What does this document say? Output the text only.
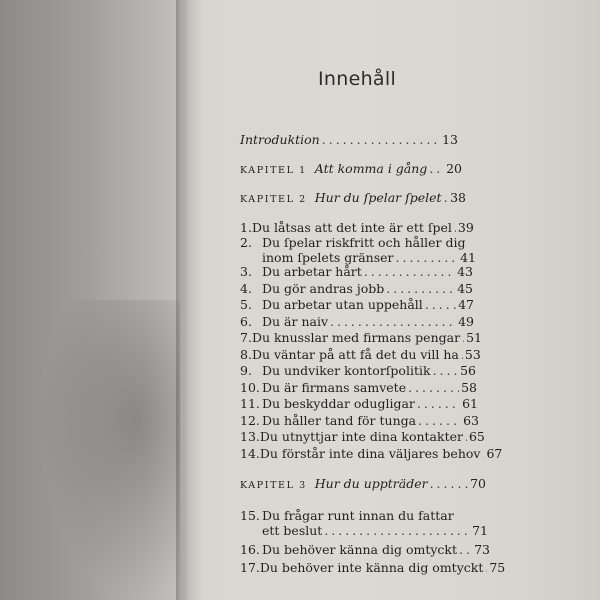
Innehåll
Introduktion .....	13
KAPITEL 1 Att komma i gång ..... 20
KAPITEL 2 Hur du ſpelar ſpelet ..... 38
1. Du låtsas att det inte är ett ſpel ..... 39
2. Du ſpelar riskfritt och håller dig
inom ſpelets gränser .....	41
3. Du arbetar hårt .....	43
4. Du gör andras jobb .....	45
5. Du arbetar utan uppehåll .....	47
6. Du är naiv .....	49
7. Du knusslar med firmans pengar ..... 51
8. Du väntar på att få det du vill ha ..... 53
9. Du undviker kontorſpolitik ..... 56
10. Du är firmans samvete .....	58
11. Du beskyddar odugligar .....	61
12. Du håller tand för tunga .....	63
13. Du utnyttjar inte dina kontakter ..... 65
14. Du förstår inte dina väljares behov ..... 67
KAPITEL 3 Hur du uppträder .....	70
15. Du frågar runt innan du fattar
ett beslut .....	71
16. Du behöver känna dig omtyckt ..... 73
17. Du behöver inte känna dig omtyckt ..... 75
